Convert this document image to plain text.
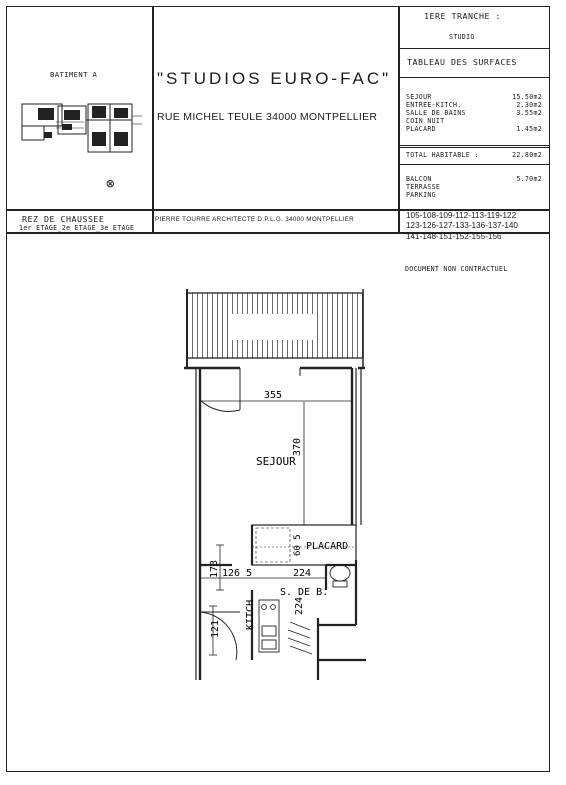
BATIMENT A
⊗
"STUDIOS EURO-FAC"
RUE MICHEL TEULE 34000 MONTPELLIER
1ERE TRANCHE :
STUDIO
TABLEAU DES SURFACES
SEJOUR	15.50m2
ENTREE-KITCH.	2.30m2
SALLE DE BAINS	3.55m2
COIN NUIT
PLACARD	1.45m2
TOTAL HABITABLE :	22.80m2
BALCON	5.70m2
TERRASSE
PARKING
REZ DE CHAUSSEE
1er ETAGE_2e ETAGE_3e ETAGE
PIERRE TOURRE ARCHITECTE D.P.L.G. 34000 MONTPELLIER	105-108-109-112-113-119-122
123-126-127-133-136-137-140
141-148-151-152-155-156
DOCUMENT NON CONTRACTUEL
355
370
SEJOUR
PLACARD
60 5
173
121
126 5	224
224
S. DE B.
KITCH
